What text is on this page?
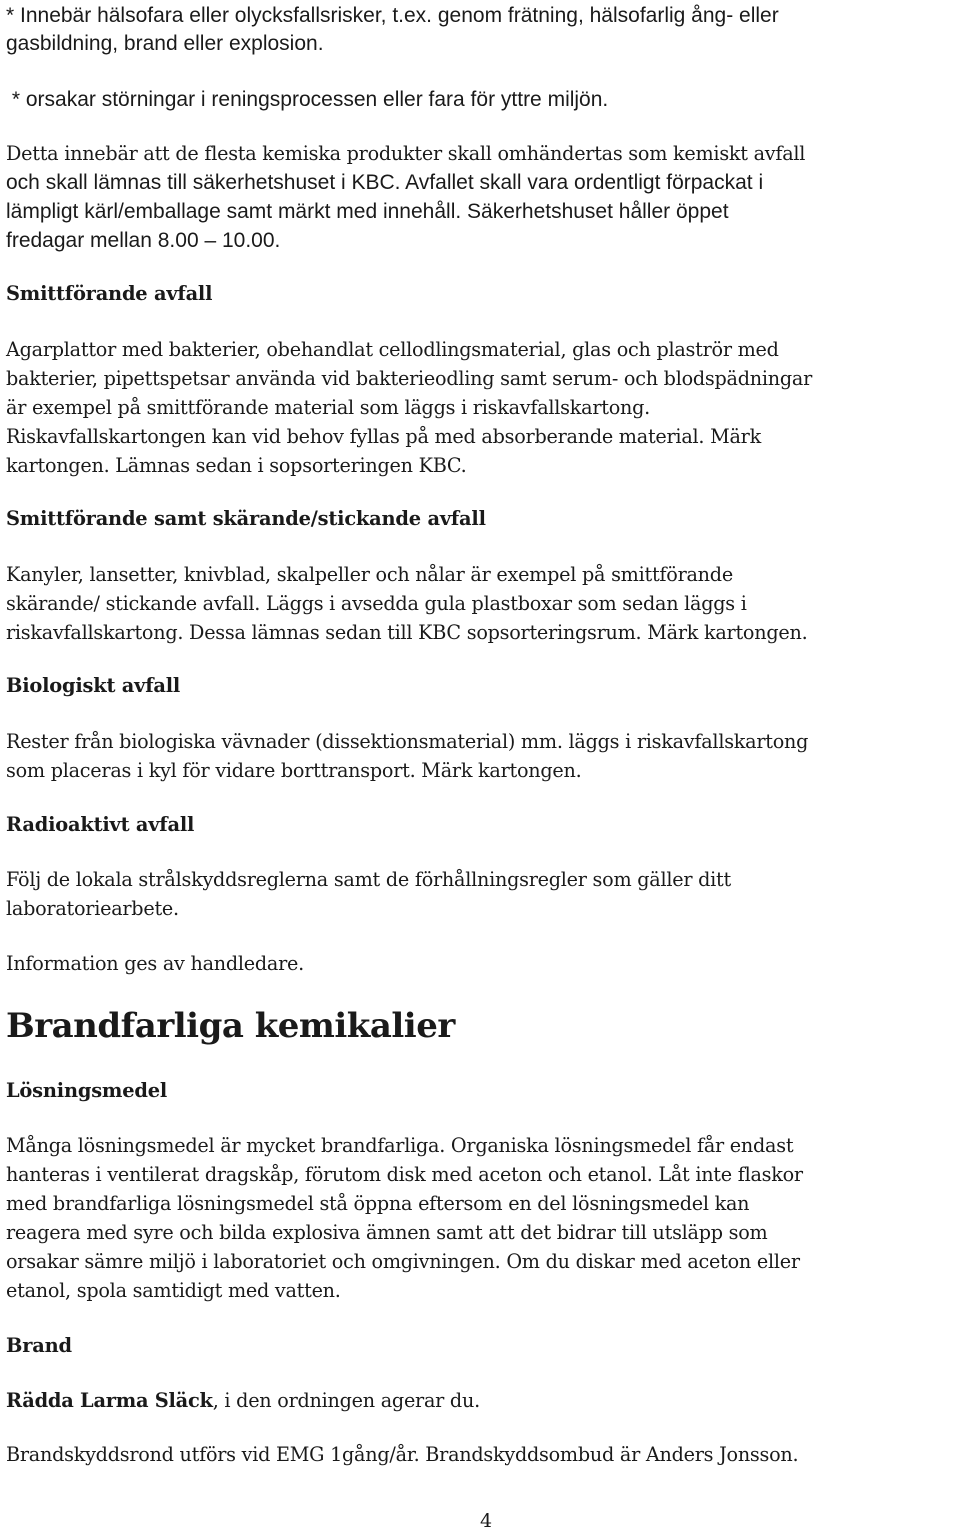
* Innebär hälsofara eller olycksfallsrisker, t.ex. genom frätning, hälsofarlig ång- eller
gasbildning, brand eller explosion.
* orsakar störningar i reningsprocessen eller fara för yttre miljön.
Detta innebär att de flesta kemiska produkter skall omhändertas som kemiskt avfall
och skall lämnas till säkerhetshuset i KBC. Avfallet skall vara ordentligt förpackat i
lämpligt kärl/emballage samt märkt med innehåll. Säkerhetshuset håller öppet
fredagar mellan 8.00 – 10.00.
Smittförande avfall
Agarplattor med bakterier, obehandlat cellodlingsmaterial, glas och plaströr med
bakterier, pipettspetsar använda vid bakterieodling samt serum- och blodspädningar
är exempel på smittförande material som läggs i riskavfallskartong.
Riskavfallskartongen kan vid behov fyllas på med absorberande material. Märk
kartongen. Lämnas sedan i sopsorteringen KBC.
Smittförande samt skärande/stickande avfall
Kanyler, lansetter, knivblad, skalpeller och nålar är exempel på smittförande
skärande/ stickande avfall. Läggs i avsedda gula plastboxar som sedan läggs i
riskavfallskartong. Dessa lämnas sedan till KBC sopsorteringsrum. Märk kartongen.
Biologiskt avfall
Rester från biologiska vävnader (dissektionsmaterial) mm. läggs i riskavfallskartong
som placeras i kyl för vidare borttransport. Märk kartongen.
Radioaktivt avfall
Följ de lokala strålskyddsreglerna samt de förhållningsregler som gäller ditt
laboratoriearbete.
Information ges av handledare.
Brandfarliga kemikalier
Lösningsmedel
Många lösningsmedel är mycket brandfarliga. Organiska lösningsmedel får endast
hanteras i ventilerat dragskåp, förutom disk med aceton och etanol. Låt inte flaskor
med brandfarliga lösningsmedel stå öppna eftersom en del lösningsmedel kan
reagera med syre och bilda explosiva ämnen samt att det bidrar till utsläpp som
orsakar sämre miljö i laboratoriet och omgivningen. Om du diskar med aceton eller
etanol, spola samtidigt med vatten.
Brand
Rädda Larma Släck, i den ordningen agerar du.
Brandskyddsrond utförs vid EMG 1gång/år. Brandskyddsombud är Anders Jonsson.
4
